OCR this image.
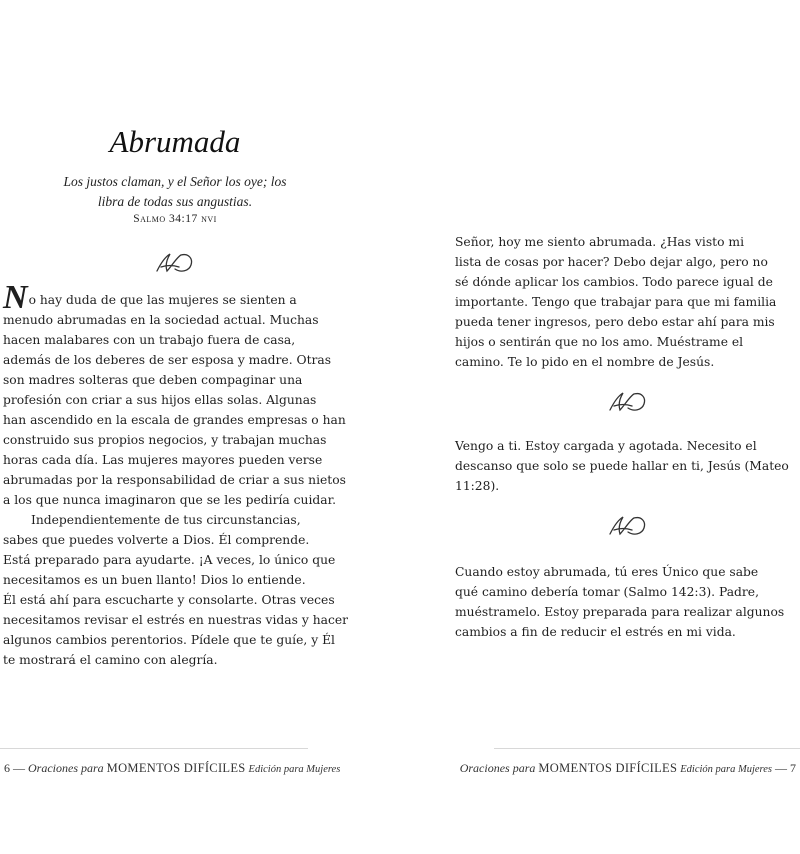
Abrumada
Los justos claman, y el Señor los oye; los libra de todas sus angustias.
Salmo 34:17 nvi

No hay duda de que las mujeres se sienten a

menudo abrumadas en la sociedad actual. Muchas

hacen malabares con un trabajo fuera de casa,

además de los deberes de ser esposa y madre. Otras

son madres solteras que deben compaginar una

profesión con criar a sus hijos ellas solas. Algunas

han ascendido en la escala de grandes empresas o han

construido sus propios negocios, y trabajan muchas

horas cada día. Las mujeres mayores pueden verse

abrumadas por la responsabilidad de criar a sus nietos

a los que nunca imaginaron que se les pediría cuidar.

Independientemente de tus circunstancias,

sabes que puedes volverte a Dios. Él comprende.

Está preparado para ayudarte. ¡A veces, lo único que

necesitamos es un buen llanto! Dios lo entiende.

Él está ahí para escucharte y consolarte. Otras veces

necesitamos revisar el estrés en nuestras vidas y hacer

algunos cambios perentorios. Pídele que te guíe, y Él

te mostrará el camino con alegría.

6 — Oraciones para MOMENTOS DIFÍCILES Edición para Mujeres

Señor, hoy me siento abrumada. ¿Has visto mi

lista de cosas por hacer? Debo dejar algo, pero no

sé dónde aplicar los cambios. Todo parece igual de

importante. Tengo que trabajar para que mi familia

pueda tener ingresos, pero debo estar ahí para mis

hijos o sentirán que no los amo. Muéstrame el

camino. Te lo pido en el nombre de Jesús.

Vengo a ti. Estoy cargada y agotada. Necesito el

descanso que solo se puede hallar en ti, Jesús (Mateo

11:28).

Cuando estoy abrumada, tú eres Único que sabe

qué camino debería tomar (Salmo 142:3). Padre,

muéstramelo. Estoy preparada para realizar algunos

cambios a fin de reducir el estrés en mi vida.

Oraciones para MOMENTOS DIFÍCILES Edición para Mujeres — 7
